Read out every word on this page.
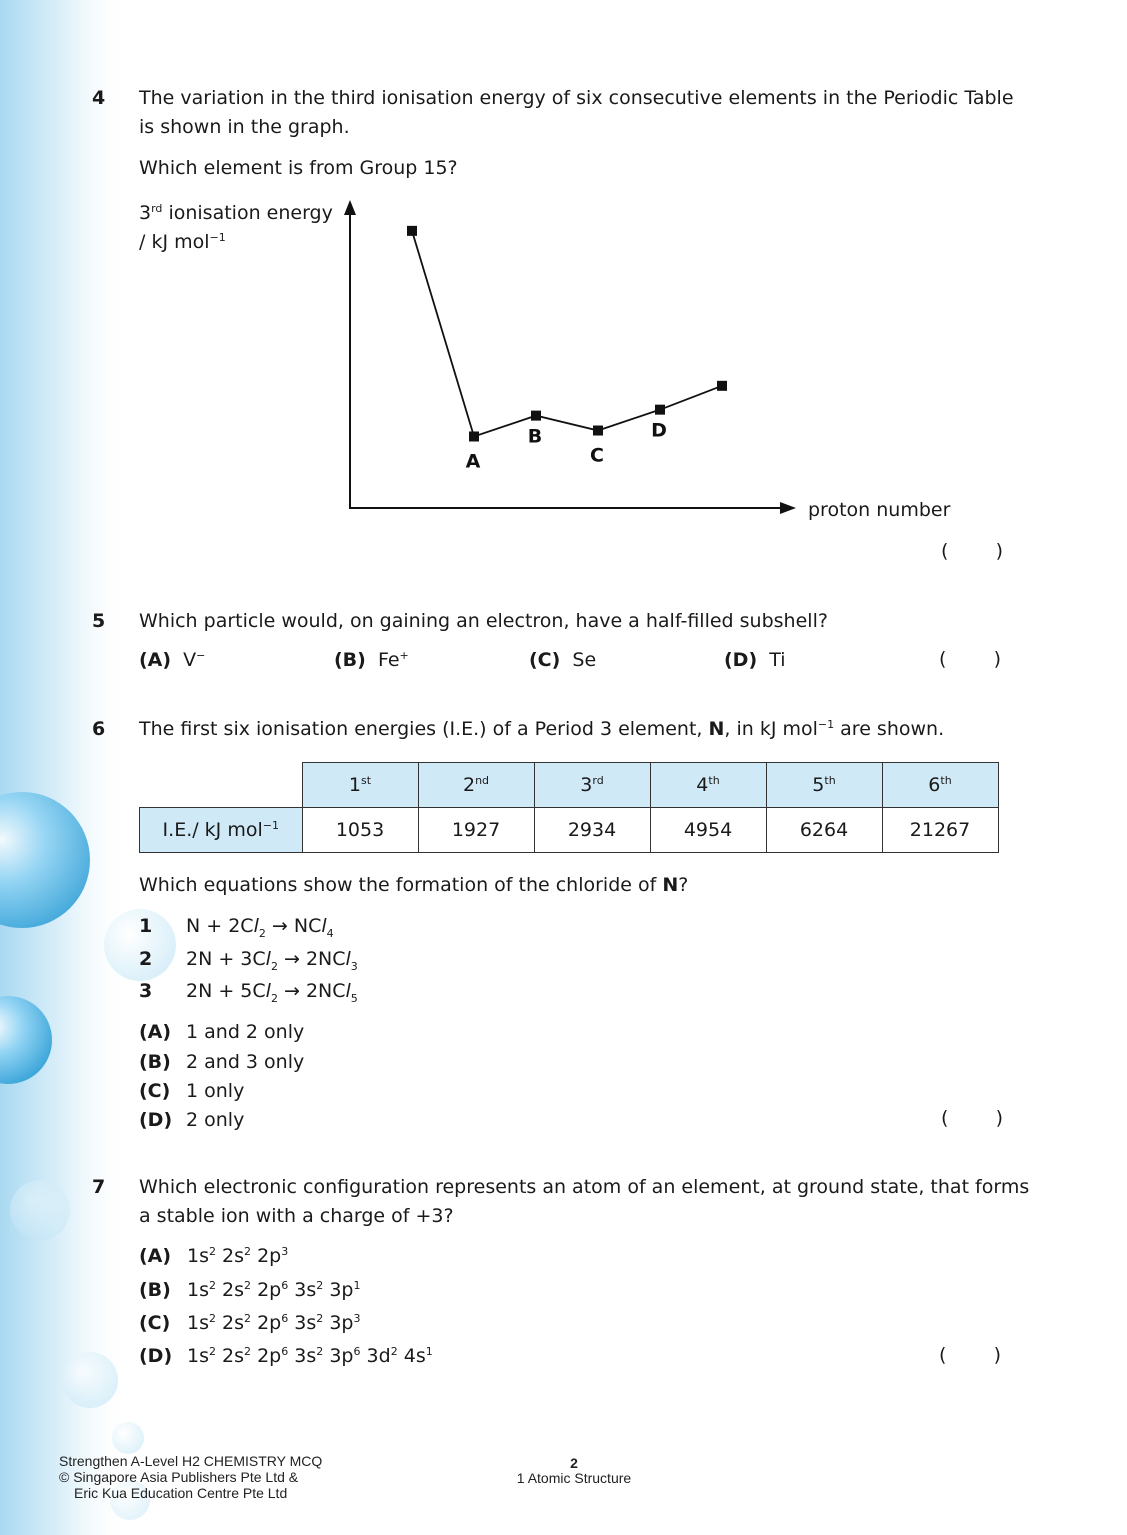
4 The variation in the third ionisation energy of six consecutive elements in the Periodic Table
is shown in the graph.
Which element is from Group 15?
3rd ionisation energy
/ kJ mol$^{-1}$
A
B
C
D
proton number
( )
5 Which particle would, on gaining an electron, have a half-filled subshell?
(A) V−	(B) Fe+	(C) Se	(D) Ti	( )
6 The first six ionisation energies (I.E.) of a Period 3 element, N, in kJ mol$^{-1}$ are shown.
	1st	2nd	3rd	4th	5th	6th
I.E./ kJ mol$^{-1}$	1053	1927	2934	4954	6264	21267
Which equations show the formation of the chloride of N?
1 $N + 2Cl_2 \to NCl_4$
2 $2N + 3Cl_2 \to 2NCl_3$
3 $2N + 5Cl_2 \to 2NCl_5$
(A) 1 and 2 only
(B) 2 and 3 only
(C) 1 only
(D) 2 only	( )
7 Which electronic configuration represents an atom of an element, at ground state, that forms
a stable ion with a charge of +3?
(A) $1s^2$ $2s^2$ $2p^3$
(B) $1s^2$ $2s^2$ $2p^6$ $3s^2$ $3p^1$
(C) $1s^2$ $2s^2$ $2p^6$ $3s^2$ $3p^3$
(D) $1s^2$ $2s^2$ $2p^6$ $3s^2$ $3p^6$ $3d^2$ $4s^1$	( )
Strengthen A-Level H2 CHEMISTRY MCQ
© Singapore Asia Publishers Pte Ltd &
Eric Kua Education Centre Pte Ltd
2
1 Atomic Structure
